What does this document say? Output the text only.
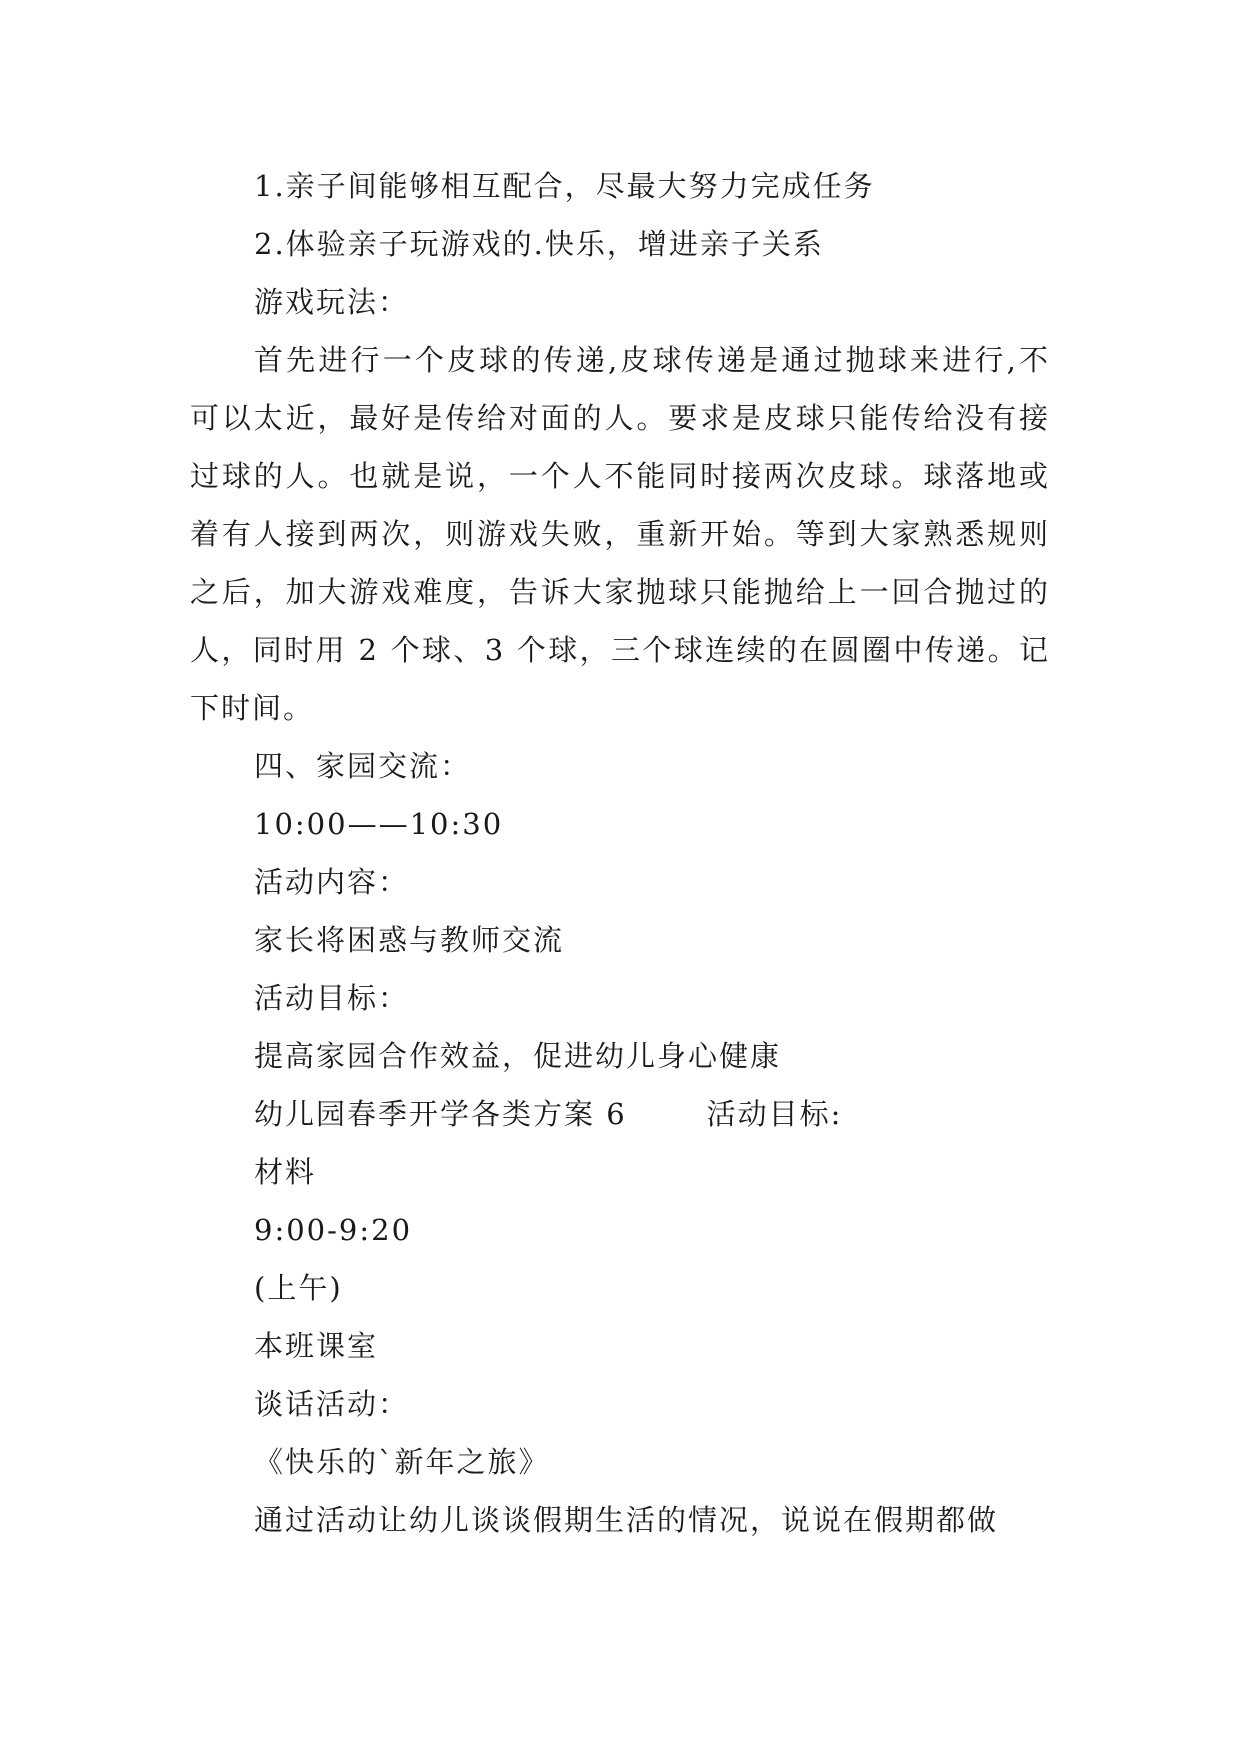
1.亲子间能够相互配合，尽最大努力完成任务
2.体验亲子玩游戏的.快乐，增进亲子关系
游戏玩法：

首先进行一个皮球的传递,皮球传递是通过抛球来进行,不可以太近，最好是传给对面的人。要求是皮球只能传给没有接过球的人。也就是说，一个人不能同时接两次皮球。球落地或着有人接到两次，则游戏失败，重新开始。等到大家熟悉规则之后，加大游戏难度，告诉大家抛球只能抛给上一回合抛过的人，同时用 2 个球、3 个球，三个球连续的在圆圈中传递。记下时间。

四、家园交流：
10:00——10:30
活动内容：
家长将困惑与教师交流
活动目标：
提高家园合作效益，促进幼儿身心健康
幼儿园春季开学各类方案 6	活动目标:
材料
9:00-9:20
(上午)
本班课室
谈话活动：
《快乐的`新年之旅》
通过活动让幼儿谈谈假期生活的情况，说说在假期都做
